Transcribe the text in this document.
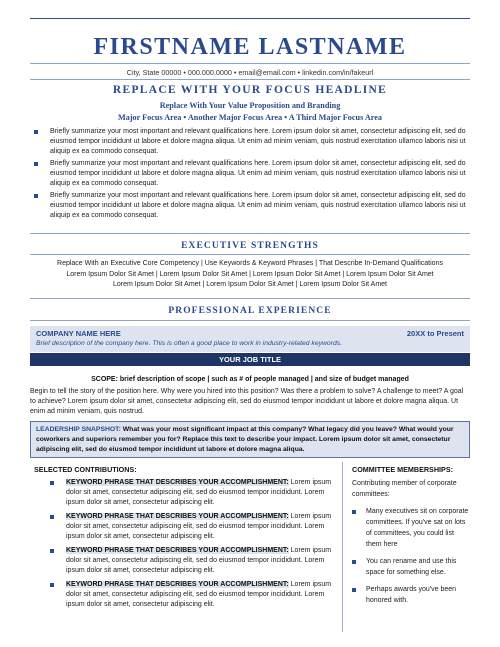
FIRSTNAME LASTNAME
City, State 00000 • 000.000.0000 • email@email.com • linkedin.com/in/fakeurl
REPLACE WITH YOUR FOCUS HEADLINE
Replace With Your Value Proposition and Branding
Major Focus Area • Another Major Focus Area • A Third Major Focus Area
Briefly summarize your most important and relevant qualifications here. Lorem ipsum dolor sit amet, consectetur adipiscing elit, sed do eiusmod tempor incididunt ut labore et dolore magna aliqua. Ut enim ad minim veniam, quis nostrud exercitation ullamco laboris nisi ut aliquip ex ea commodo consequat.
Briefly summarize your most important and relevant qualifications here. Lorem ipsum dolor sit amet, consectetur adipiscing elit, sed do eiusmod tempor incididunt ut labore et dolore magna aliqua. Ut enim ad minim veniam, quis nostrud exercitation ullamco laboris nisi ut aliquip ex ea commodo consequat.
Briefly summarize your most important and relevant qualifications here. Lorem ipsum dolor sit amet, consectetur adipiscing elit, sed do eiusmod tempor incididunt ut labore et dolore magna aliqua. Ut enim ad minim veniam, quis nostrud exercitation ullamco laboris nisi ut aliquip ex ea commodo consequat.
EXECUTIVE STRENGTHS
Replace With an Executive Core Competency | Use Keywords & Keyword Phrases | That Describe In-Demand Qualifications
Lorem Ipsum Dolor Sit Amet | Lorem Ipsum Dolor Sit Amet | Lorem Ipsum Dolor Sit Amet | Lorem Ipsum Dolor Sit Amet
Lorem Ipsum Dolor Sit Amet | Lorem Ipsum Dolor Sit Amet | Lorem Ipsum Dolor Sit Amet
PROFESSIONAL EXPERIENCE
COMPANY NAME HERE	20XX to Present
Brief description of the company here. This is often a good place to work in industry-related keywords.
YOUR JOB TITLE
SCOPE: brief description of scope | such as # of people managed | and size of budget managed
Begin to tell the story of the position here. Why were you hired into this position? Was there a problem to solve? A challenge to meet? A goal to achieve? Lorem ipsum dolor sit amet, consectetur adipiscing elit, sed do eiusmod tempor incididunt ut labore et dolore magna aliqua. Ut enim ad minim veniam, quis nostrud.
LEADERSHIP SNAPSHOT: What was your most significant impact at this company? What legacy did you leave? What would your coworkers and superiors remember you for? Replace this text to describe your impact. Lorem ipsum dolor sit amet, consectetur adipiscing elit, sed do eiusmod tempor incididunt ut labore et dolore magna aliqua.
SELECTED CONTRIBUTIONS:	COMMITTEE MEMBERSHIPS:
KEYWORD PHRASE THAT DESCRIBES YOUR ACCOMPLISHMENT: Lorem ipsum dolor sit amet, consectetur adipiscing elit, sed do eiusmod tempor incididunt. Lorem ipsum dolor sit amet, consectetur adipiscing elit.
KEYWORD PHRASE THAT DESCRIBES YOUR ACCOMPLISHMENT: Lorem ipsum dolor sit amet, consectetur adipiscing elit, sed do eiusmod tempor incididunt. Lorem ipsum dolor sit amet, consectetur adipiscing elit.
KEYWORD PHRASE THAT DESCRIBES YOUR ACCOMPLISHMENT: Lorem ipsum dolor sit amet, consectetur adipiscing elit, sed do eiusmod tempor incididunt. Lorem ipsum dolor sit amet, consectetur adipiscing elit.
KEYWORD PHRASE THAT DESCRIBES YOUR ACCOMPLISHMENT: Lorem ipsum dolor sit amet, consectetur adipiscing elit, sed do eiusmod tempor incididunt. Lorem ipsum dolor sit amet, consectetur adipiscing elit.
Contributing member of corporate committees:
Many executives sit on corporate committees. If you've sat on lots of committees, you could list them here
You can rename and use this space for something else.
Perhaps awards you've been honored with.
